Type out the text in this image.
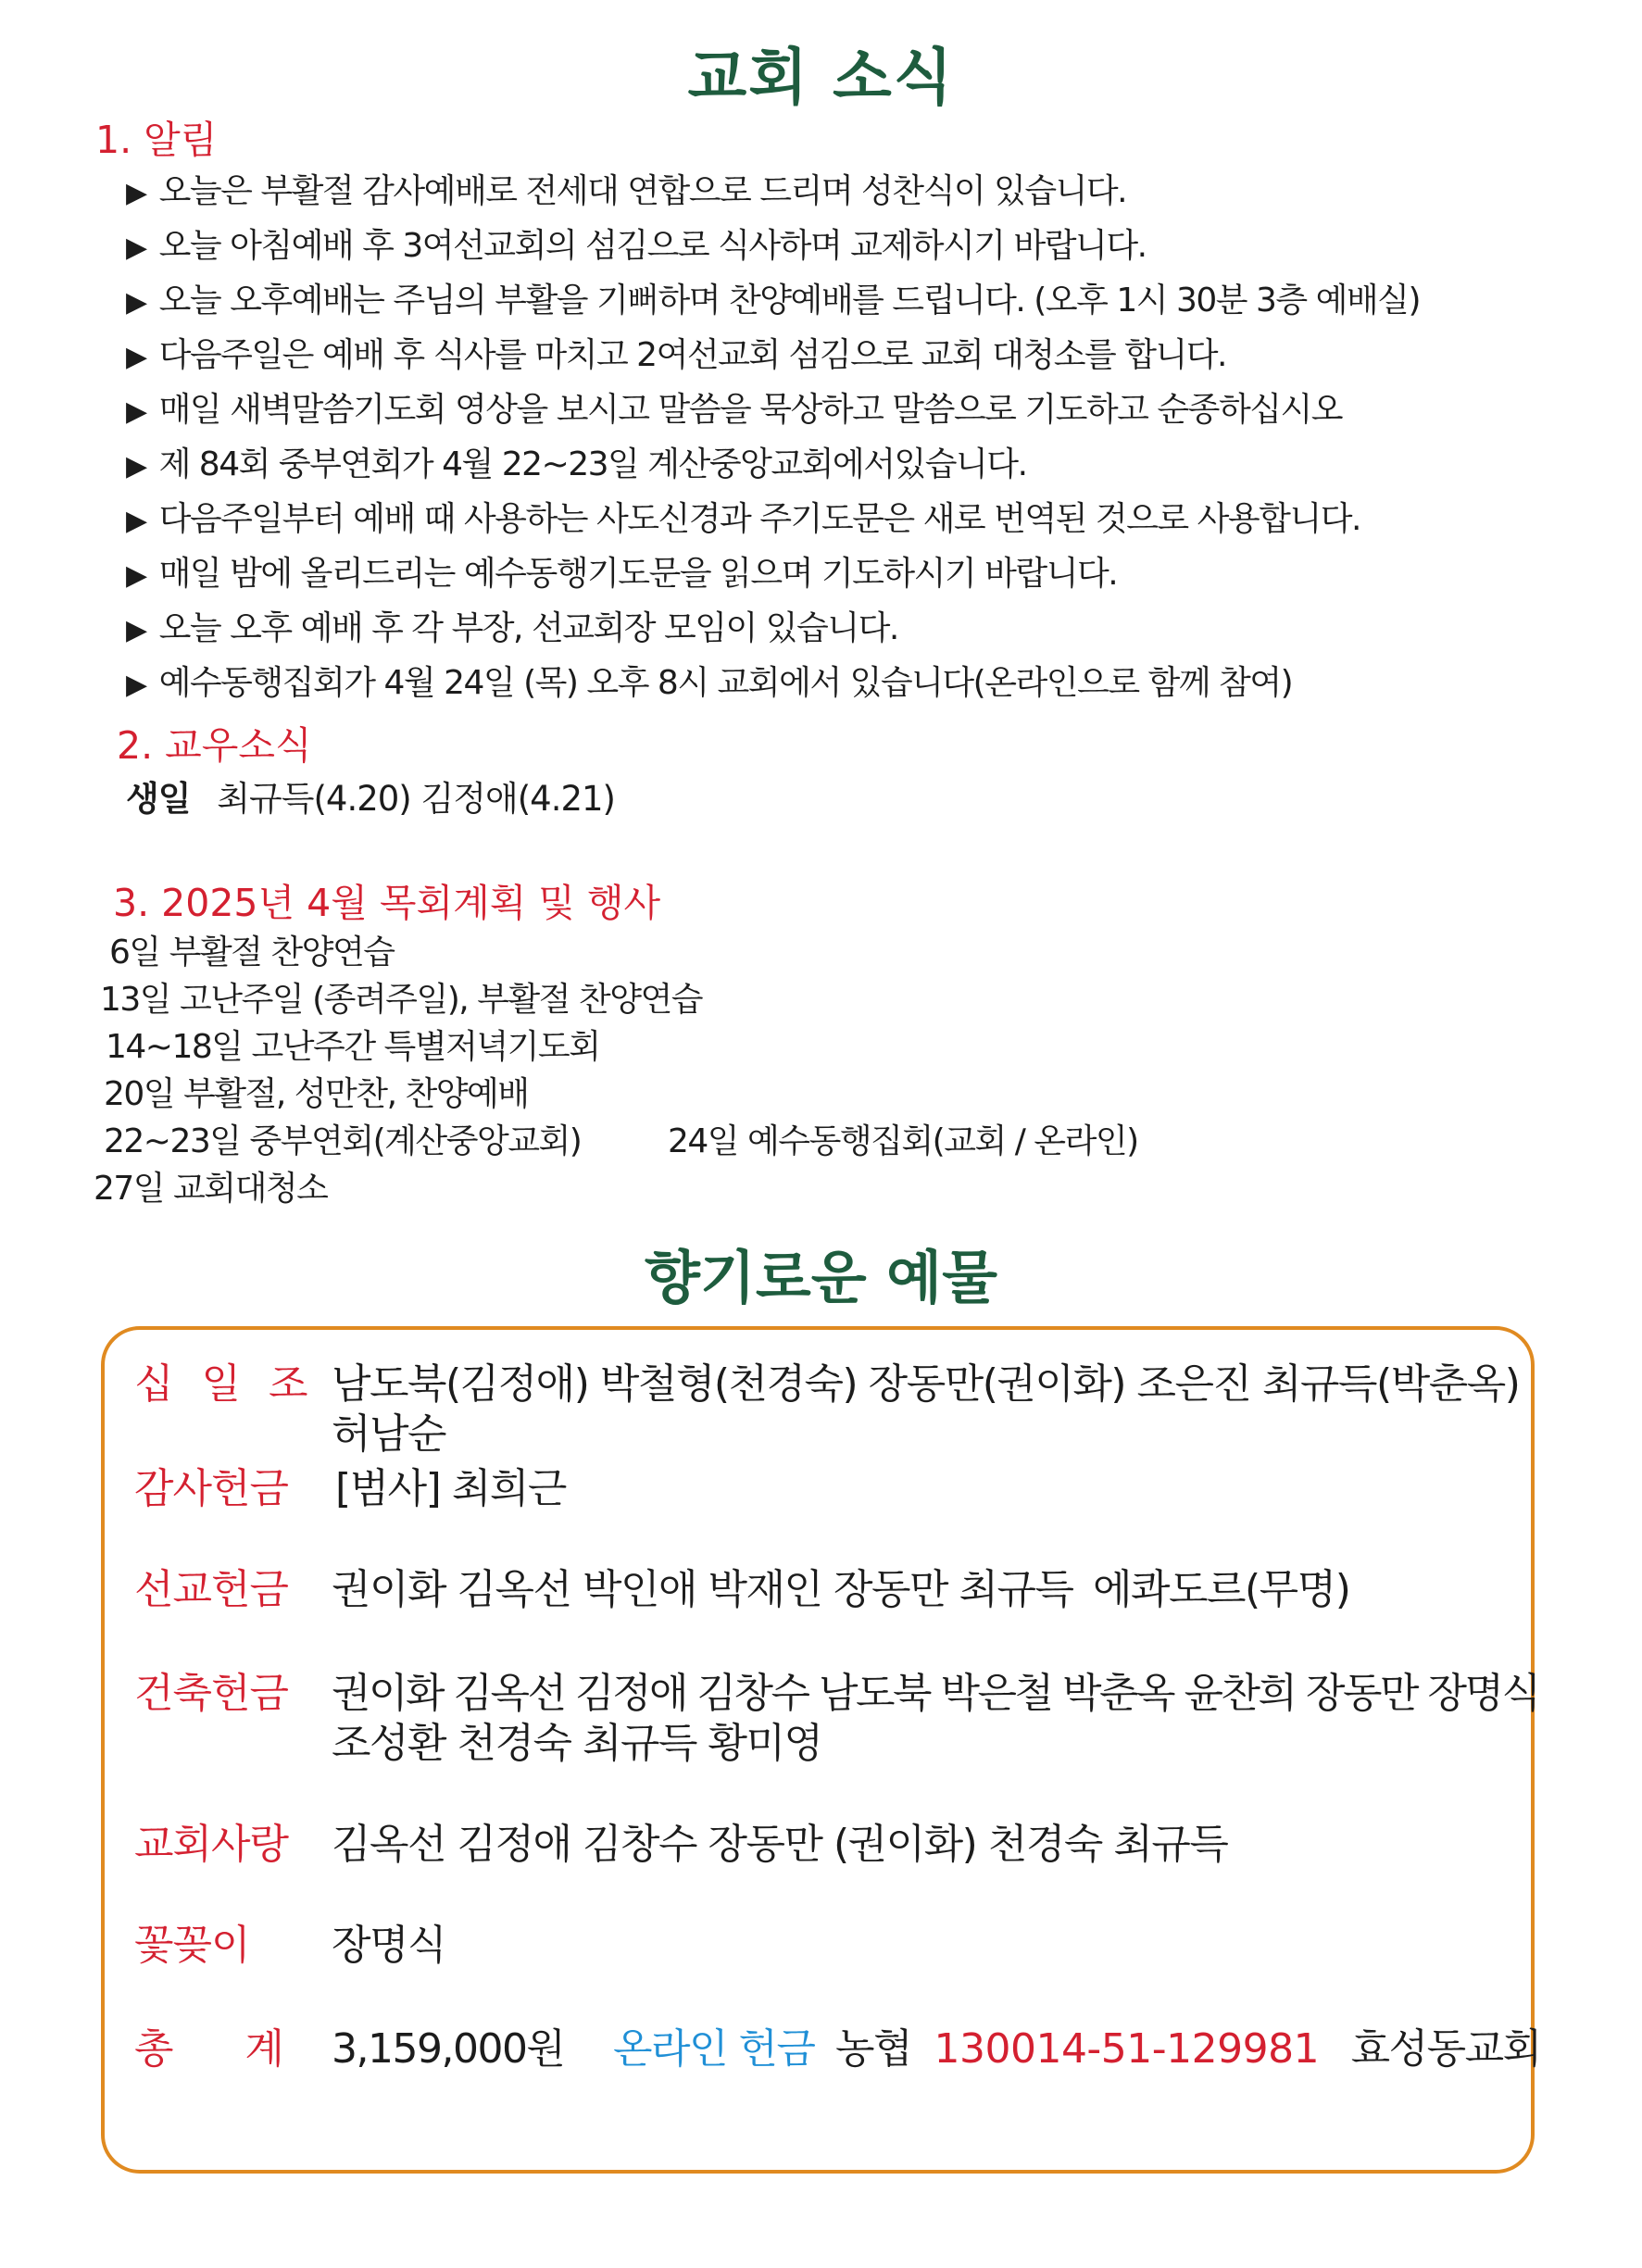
교회 소식
1. 알림
▶ 오늘은 부활절 감사예배로 전세대 연합으로 드리며 성찬식이 있습니다.
▶ 오늘 아침예배 후 3여선교회의 섬김으로 식사하며 교제하시기 바랍니다.
▶ 오늘 오후예배는 주님의 부활을 기뻐하며 찬양예배를 드립니다. (오후 1시 30분 3층 예배실)
▶ 다음주일은 예배 후 식사를 마치고 2여선교회 섬김으로 교회 대청소를 합니다.
▶ 매일 새벽말씀기도회 영상을 보시고 말씀을 묵상하고 말씀으로 기도하고 순종하십시오
▶ 제 84회 중부연회가 4월 22~23일 계산중앙교회에서있습니다.
▶ 다음주일부터 예배 때 사용하는 사도신경과 주기도문은 새로 번역된 것으로 사용합니다.
▶ 매일 밤에 올리드리는 예수동행기도문을 읽으며 기도하시기 바랍니다.
▶ 오늘 오후 예배 후 각 부장, 선교회장 모임이 있습니다.
▶ 예수동행집회가 4월 24일 (목) 오후 8시 교회에서 있습니다(온라인으로 함께 참여)
2. 교우소식
생일 최규득(4.20) 김정애(4.21)
3. 2025년 4월 목회계획 및 행사
6일 부활절 찬양연습
13일 고난주일 (종려주일), 부활절 찬양연습
14~18일 고난주간 특별저녁기도회
20일 부활절, 성만찬, 찬양예배
22~23일 중부연회(계산중앙교회)	24일 예수동행집회(교회 / 온라인)
27일 교회대청소
향기로운 예물
십 일 조 남도북(김정애) 박철형(천경숙) 장동만(권이화) 조은진 최규득(박춘옥)
허남순
감사헌금 [범사] 최희근
선교헌금 권이화 김옥선 박인애 박재인 장동만 최규득 에콰도르(무명)
건축헌금 권이화 김옥선 김정애 김창수 남도북 박은철 박춘옥 윤찬희 장동만 장명식
조성환 천경숙 최규득 황미영
교회사랑 김옥선 김정애 김창수 장동만 (권이화) 천경숙 최규득
꽃꽂이 장명식
총      계 3,159,000원 온라인 헌금 농협 130014-51-129981 효성동교회
